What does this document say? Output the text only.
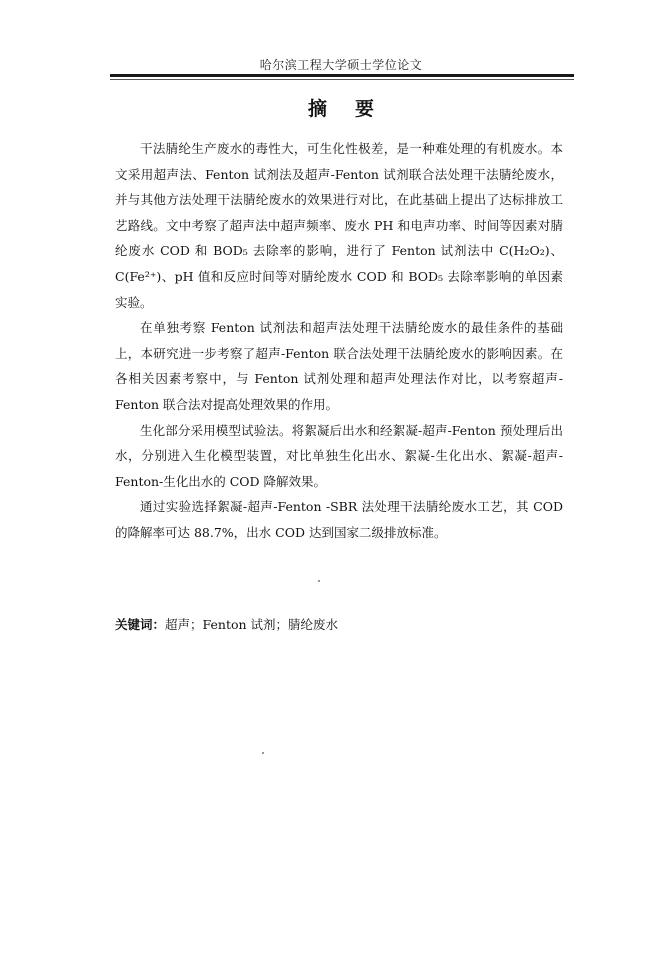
哈尔滨工程大学硕士学位论文
摘要

干法腈纶生产废水的毒性大，可生化性极差，是一种难处理的有机废水。本文采用超声法、Fenton 试剂法及超声-Fenton 试剂联合法处理干法腈纶废水，并与其他方法处理干法腈纶废水的效果进行对比，在此基础上提出了达标排放工艺路线。文中考察了超声法中超声频率、废水 PH 和电声功率、时间等因素对腈纶废水 COD 和 BOD₅ 去除率的影响，进行了 Fenton 试剂法中 C(H₂O₂)、C(Fe²⁺)、pH 值和反应时间等对腈纶废水 COD 和 BOD₅ 去除率影响的单因素实验。

在单独考察 Fenton 试剂法和超声法处理干法腈纶废水的最佳条件的基础上，本研究进一步考察了超声-Fenton 联合法处理干法腈纶废水的影响因素。在各相关因素考察中，与 Fenton 试剂处理和超声处理法作对比，以考察超声-Fenton 联合法对提高处理效果的作用。

生化部分采用模型试验法。将絮凝后出水和经絮凝-超声-Fenton 预处理后出水，分别进入生化模型装置，对比单独生化出水、絮凝-生化出水、絮凝-超声-Fenton-生化出水的 COD 降解效果。

通过实验选择絮凝-超声-Fenton -SBR 法处理干法腈纶废水工艺，其 COD 的降解率可达 88.7%，出水 COD 达到国家二级排放标准。

关键词：超声；Fenton 试剂；腈纶废水
